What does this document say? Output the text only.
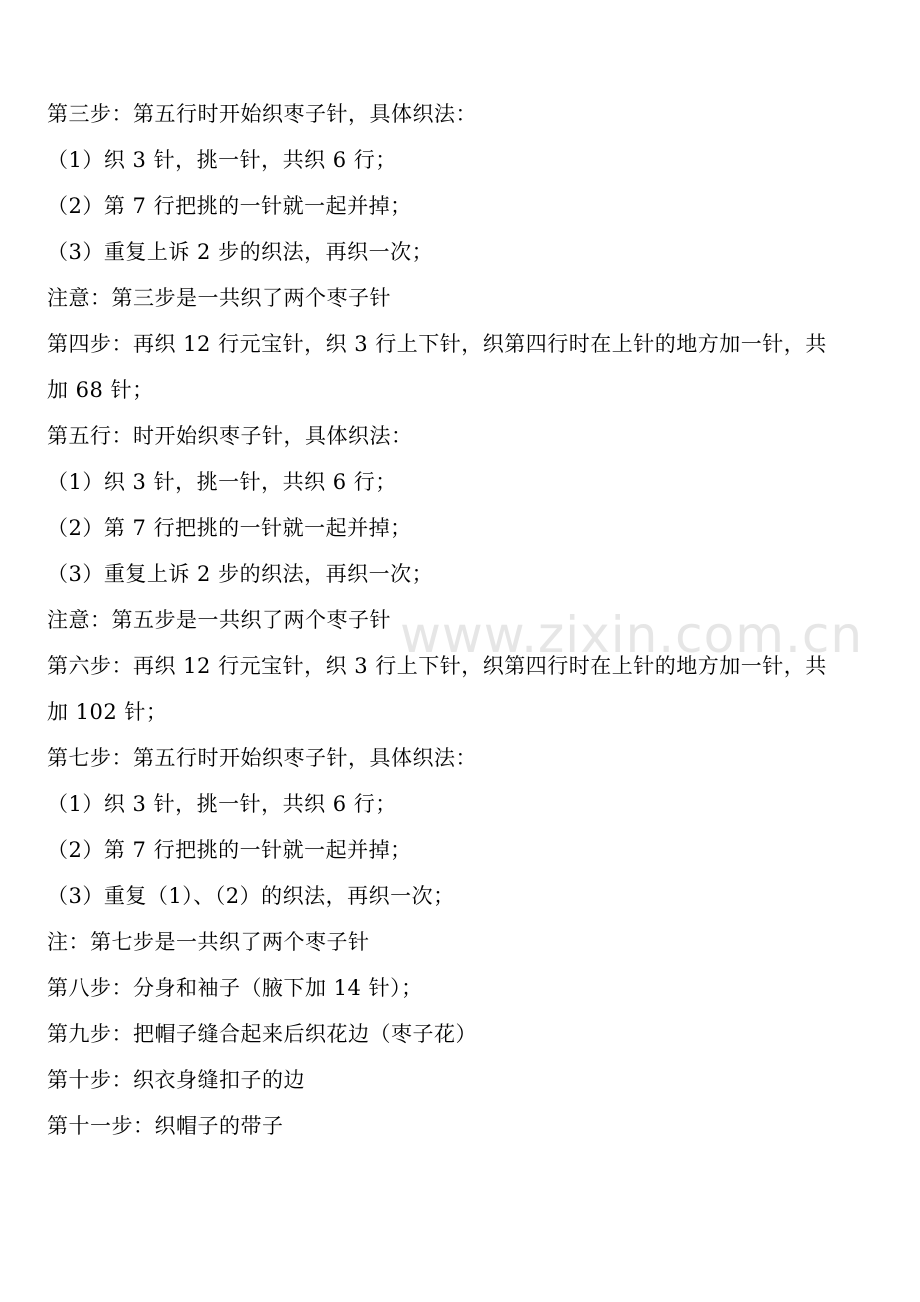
www.zixin.com.cn
第三步：第五行时开始织枣子针，具体织法：
（1）织 3 针，挑一针，共织 6 行；
（2）第 7 行把挑的一针就一起并掉；
（3）重复上诉 2 步的织法，再织一次；
注意：第三步是一共织了两个枣子针
第四步：再织 12 行元宝针，织 3 行上下针，织第四行时在上针的地方加一针，共
加 68 针；
第五行：时开始织枣子针，具体织法：
（1）织 3 针，挑一针，共织 6 行；
（2）第 7 行把挑的一针就一起并掉；
（3）重复上诉 2 步的织法，再织一次；
注意：第五步是一共织了两个枣子针
第六步：再织 12 行元宝针，织 3 行上下针，织第四行时在上针的地方加一针，共
加 102 针；
第七步：第五行时开始织枣子针，具体织法：
（1）织 3 针，挑一针，共织 6 行；
（2）第 7 行把挑的一针就一起并掉；
（3）重复（1）、（2）的织法，再织一次；
注：第七步是一共织了两个枣子针
第八步：分身和袖子（腋下加 14 针）；
第九步：把帽子缝合起来后织花边（枣子花）
第十步：织衣身缝扣子的边
第十一步：织帽子的带子
